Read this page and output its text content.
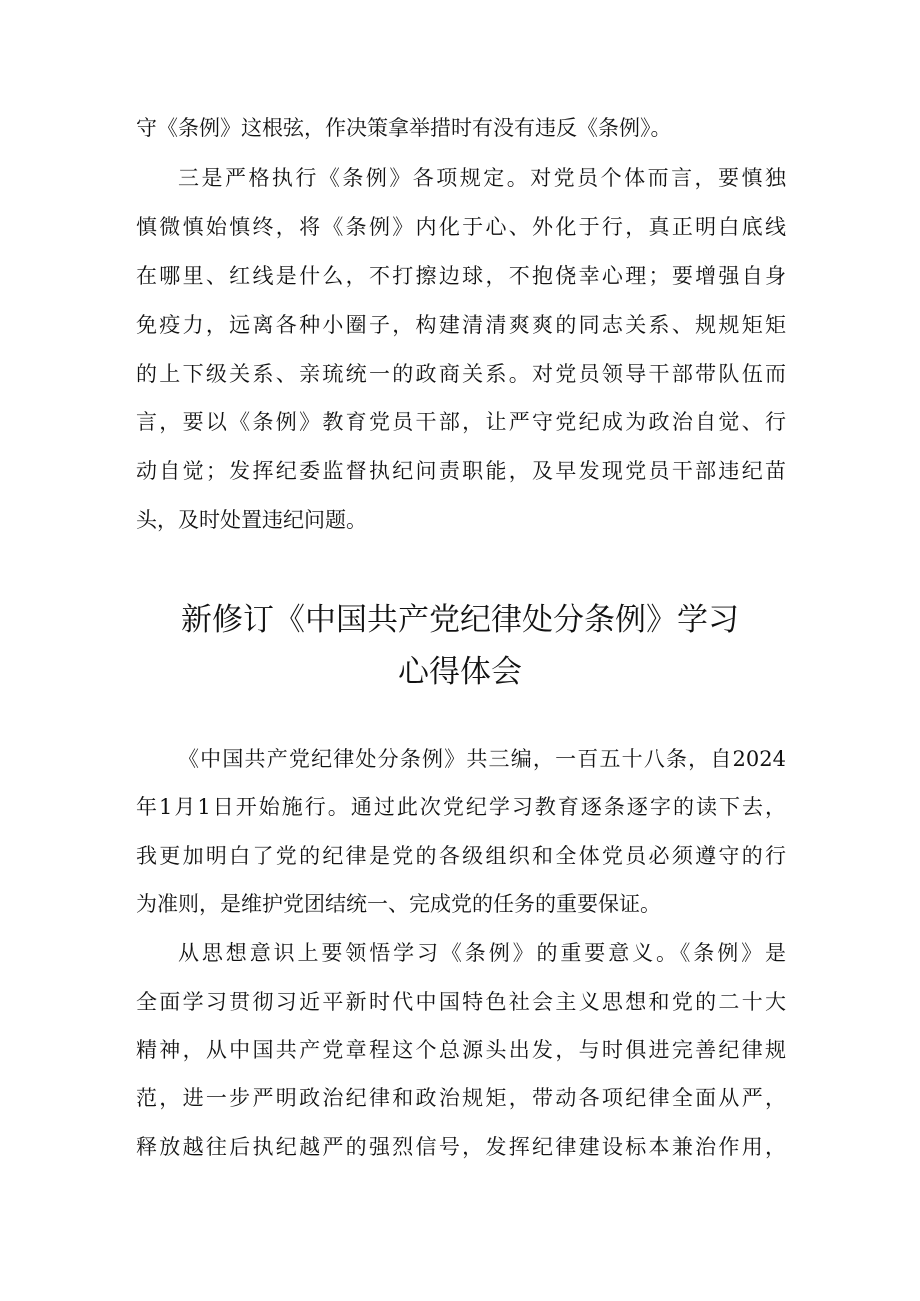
守《条例》这根弦，作决策拿举措时有没有违反《条例》。
三是严格执行《条例》各项规定。对党员个体而言，要慎独
慎微慎始慎终，将《条例》内化于心、外化于行，真正明白底线
在哪里、红线是什么，不打擦边球，不抱侥幸心理；要增强自身
免疫力，远离各种小圈子，构建清清爽爽的同志关系、规规矩矩
的上下级关系、亲琉统一的政商关系。对党员领导干部带队伍而
言，要以《条例》教育党员干部，让严守党纪成为政治自觉、行
动自觉；发挥纪委监督执纪问责职能，及早发现党员干部违纪苗
头，及时处置违纪问题。
新修订《中国共产党纪律处分条例》学习
心得体会
《中国共产党纪律处分条例》共三编，一百五十八条，自2024
年1月1日开始施行。通过此次党纪学习教育逐条逐字的读下去，
我更加明白了党的纪律是党的各级组织和全体党员必须遵守的行
为准则，是维护党团结统一、完成党的任务的重要保证。
从思想意识上要领悟学习《条例》的重要意义。《条例》是
全面学习贯彻习近平新时代中国特色社会主义思想和党的二十大
精神，从中国共产党章程这个总源头出发，与时俱进完善纪律规
范，进一步严明政治纪律和政治规矩，带动各项纪律全面从严，
释放越往后执纪越严的强烈信号，发挥纪律建设标本兼治作用，
